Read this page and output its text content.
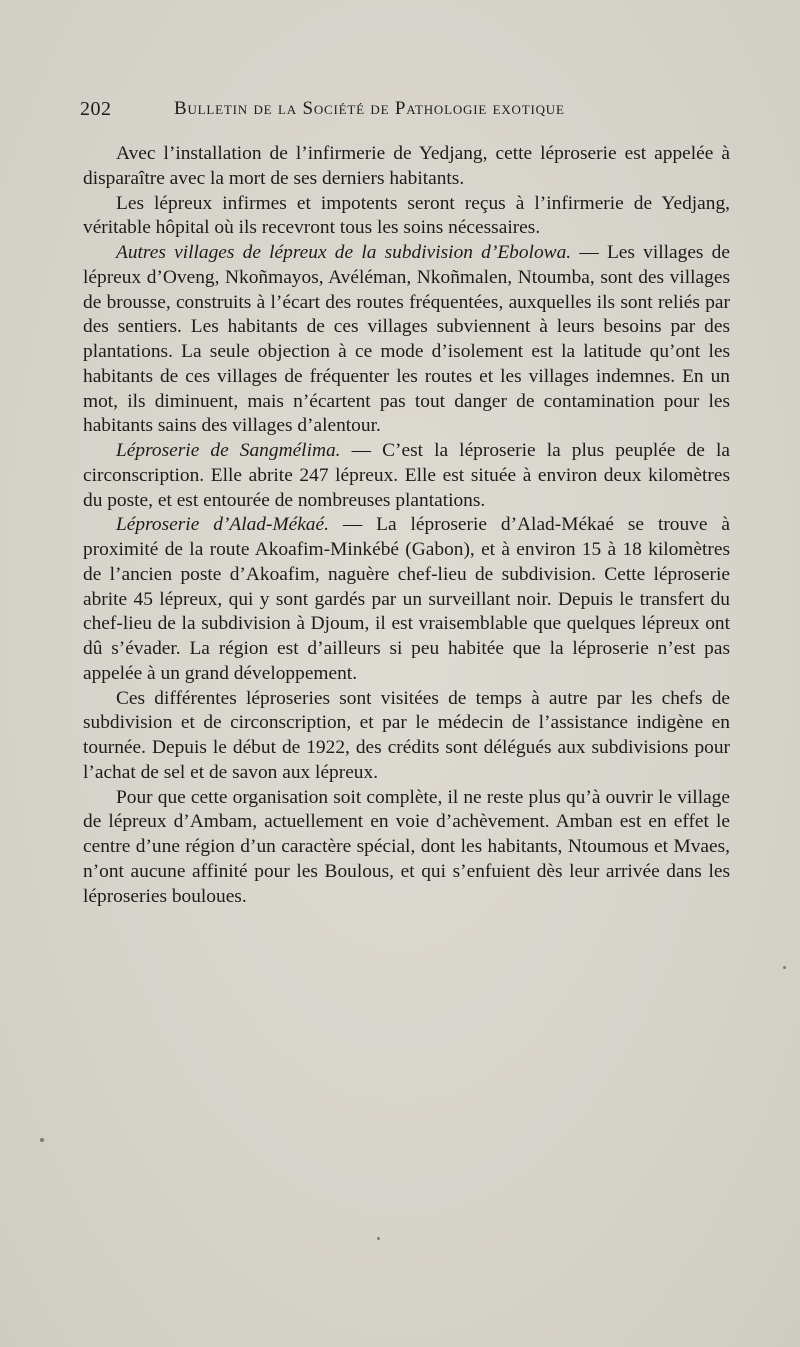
202	Bulletin de la Société de Pathologie exotique

Avec l’installation de l’infirmerie de Yedjang, cette léproserie est appelée à disparaître avec la mort de ses derniers habitants.

Les lépreux infirmes et impotents seront reçus à l’infirmerie de Yedjang, véritable hôpital où ils recevront tous les soins nécessaires.

Autres villages de lépreux de la subdivision d’Ebolowa. — Les villages de lépreux d’Oveng, Nkoñmayos, Avéléman, Nkoñmalen, Ntoumba, sont des villages de brousse, construits à l’écart des routes fréquentées, auxquelles ils sont reliés par des sentiers. Les habitants de ces villages subviennent à leurs besoins par des plantations. La seule objection à ce mode d’isolement est la latitude qu’ont les habitants de ces villages de fréquenter les routes et les villages indemnes. En un mot, ils diminuent, mais n’écartent pas tout danger de contamination pour les habitants sains des villages d’alentour.

Léproserie de Sangmélima. — C’est la léproserie la plus peuplée de la circonscription. Elle abrite 247 lépreux. Elle est située à environ deux kilomètres du poste, et est entourée de nombreuses plantations.

Léproserie d’Alad-Mékaé. — La léproserie d’Alad-Mékaé se trouve à proximité de la route Akoafim-Minkébé (Gabon), et à environ 15 à 18 kilomètres de l’ancien poste d’Akoafim, naguère chef-lieu de subdivision. Cette léproserie abrite 45 lépreux, qui y sont gardés par un surveillant noir. Depuis le transfert du chef-lieu de la subdivision à Djoum, il est vraisemblable que quelques lépreux ont dû s’évader. La région est d’ailleurs si peu habitée que la léproserie n’est pas appelée à un grand développement.

Ces différentes léproseries sont visitées de temps à autre par les chefs de subdivision et de circonscription, et par le médecin de l’assistance indigène en tournée. Depuis le début de 1922, des crédits sont délégués aux subdivisions pour l’achat de sel et de savon aux lépreux.

Pour que cette organisation soit complète, il ne reste plus qu’à ouvrir le village de lépreux d’Ambam, actuellement en voie d’achèvement. Amban est en effet le centre d’une région d’un caractère spécial, dont les habitants, Ntoumous et Mvaes, n’ont aucune affinité pour les Boulous, et qui s’enfuient dès leur arrivée dans les léproseries bouloues.
